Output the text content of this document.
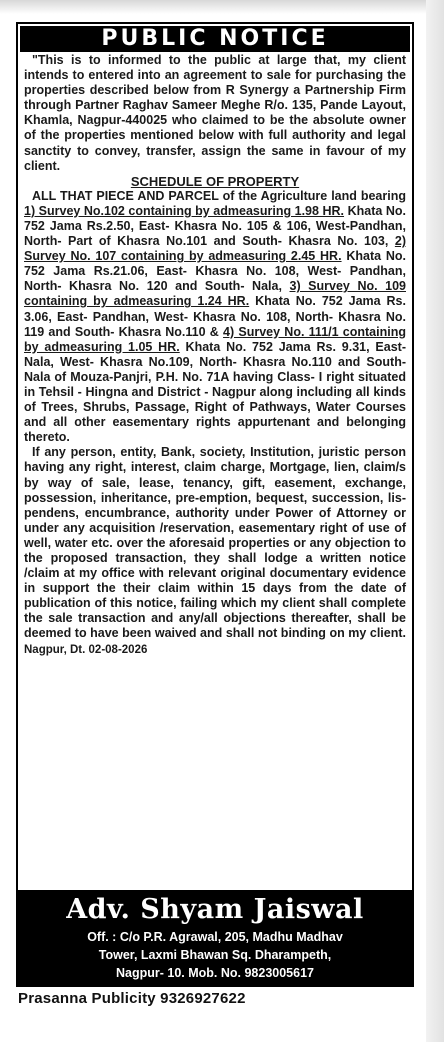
PUBLIC NOTICE

"This is to informed to the public at large that, my client intends to entered into an agreement to sale for purchasing the properties described below from R Synergy a Partnership Firm through Partner Raghav Sameer Meghe R/o. 135, Pande Layout, Khamla, Nagpur-440025 who claimed to be the absolute owner of the properties mentioned below with full authority and legal sanctity to convey, transfer, assign the same in favour of my client.

SCHEDULE OF PROPERTY

ALL THAT PIECE AND PARCEL of the Agriculture land bearing 1) Survey No.102 containing by admeasuring 1.98 HR. Khata No. 752 Jama Rs.2.50, East- Khasra No. 105 & 106, West-Pandhan, North- Part of Khasra No.101 and South- Khasra No. 103, 2) Survey No. 107 containing by admeasuring 2.45 HR. Khata No. 752 Jama Rs.21.06, East- Khasra No. 108, West- Pandhan, North- Khasra No. 120 and South- Nala, 3) Survey No. 109 containing by admeasuring 1.24 HR. Khata No. 752 Jama Rs. 3.06, East- Pandhan, West- Khasra No. 108, North- Khasra No. 119 and South- Khasra No.110 & 4) Survey No. 111/1 containing by admeasuring 1.05 HR. Khata No. 752 Jama Rs. 9.31, East- Nala, West- Khasra No.109, North- Khasra No.110 and South- Nala of Mouza-Panjri, P.H. No. 71A having Class- I right situated in Tehsil - Hingna and District - Nagpur along including all kinds of Trees, Shrubs, Passage, Right of Pathways, Water Courses and all other easementary rights appurtenant and belonging thereto.

If any person, entity, Bank, society, Institution, juristic person having any right, interest, claim charge, Mortgage, lien, claim/s by way of sale, lease, tenancy, gift, easement, exchange, possession, inheritance, pre-emption, bequest, succession, lis-pendens, encumbrance, authority under Power of Attorney or under any acquisition /reservation, easementary right of use of well, water etc. over the aforesaid properties or any objection to the proposed transaction, they shall lodge a written notice /claim at my office with relevant original documentary evidence in support the their claim within 15 days from the date of publication of this notice, failing which my client shall complete the sale transaction and any/all objections thereafter, shall be deemed to have been waived and shall not binding on my client. Nagpur, Dt. 02-08-2026

Adv. Shyam Jaiswal
Off. : C/o P.R. Agrawal, 205, Madhu Madhav
Tower, Laxmi Bhawan Sq. Dharampeth,
Nagpur- 10. Mob. No. 9823005617
Prasanna Publicity 9326927622
